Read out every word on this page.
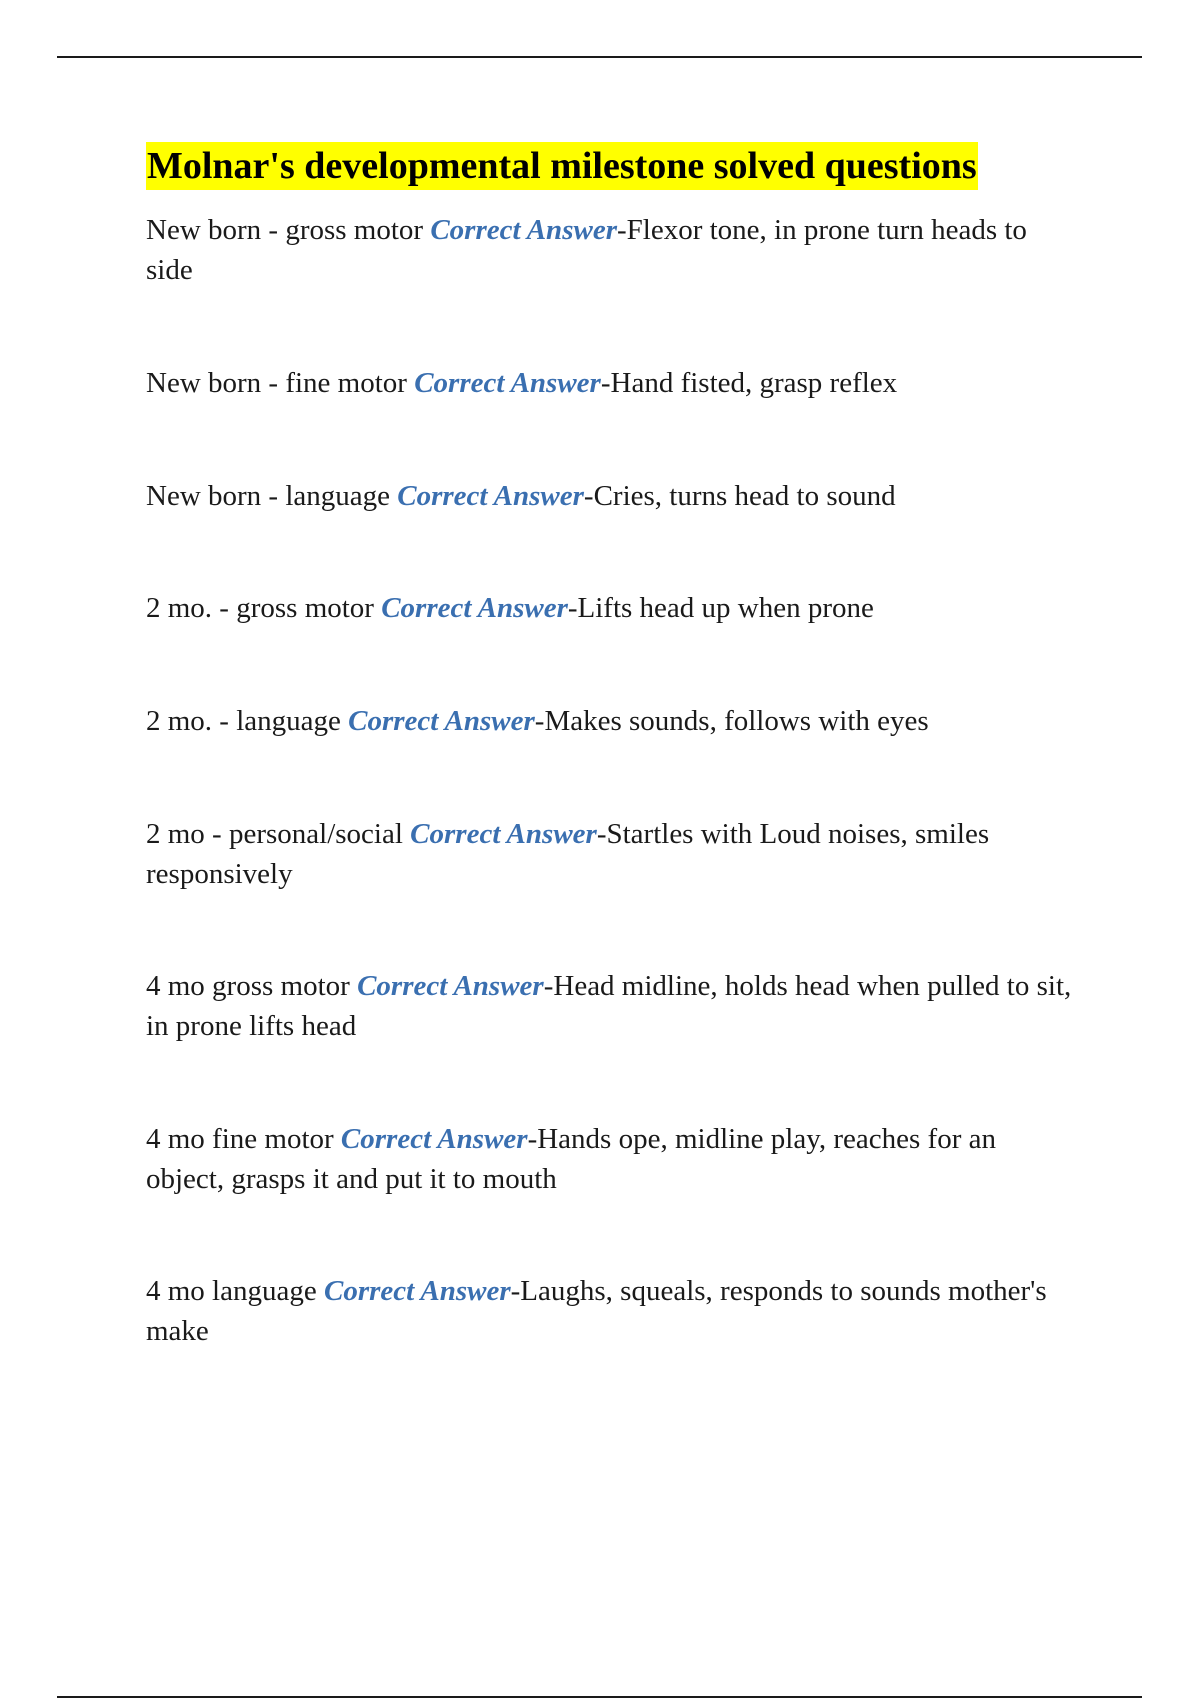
Molnar's developmental milestone solved questions

New born - gross motor Correct Answer-Flexor tone, in prone turn heads to side

New born - fine motor Correct Answer-Hand fisted, grasp reflex

New born - language Correct Answer-Cries, turns head to sound

2 mo. - gross motor Correct Answer-Lifts head up when prone

2 mo. - language Correct Answer-Makes sounds, follows with eyes

2 mo - personal/social Correct Answer-Startles with Loud noises, smiles responsively

4 mo gross motor Correct Answer-Head midline, holds head when pulled to sit, in prone lifts head

4 mo fine motor Correct Answer-Hands ope, midline play, reaches for an object, grasps it and put it to mouth

4 mo language Correct Answer-Laughs, squeals, responds to sounds mother's make
